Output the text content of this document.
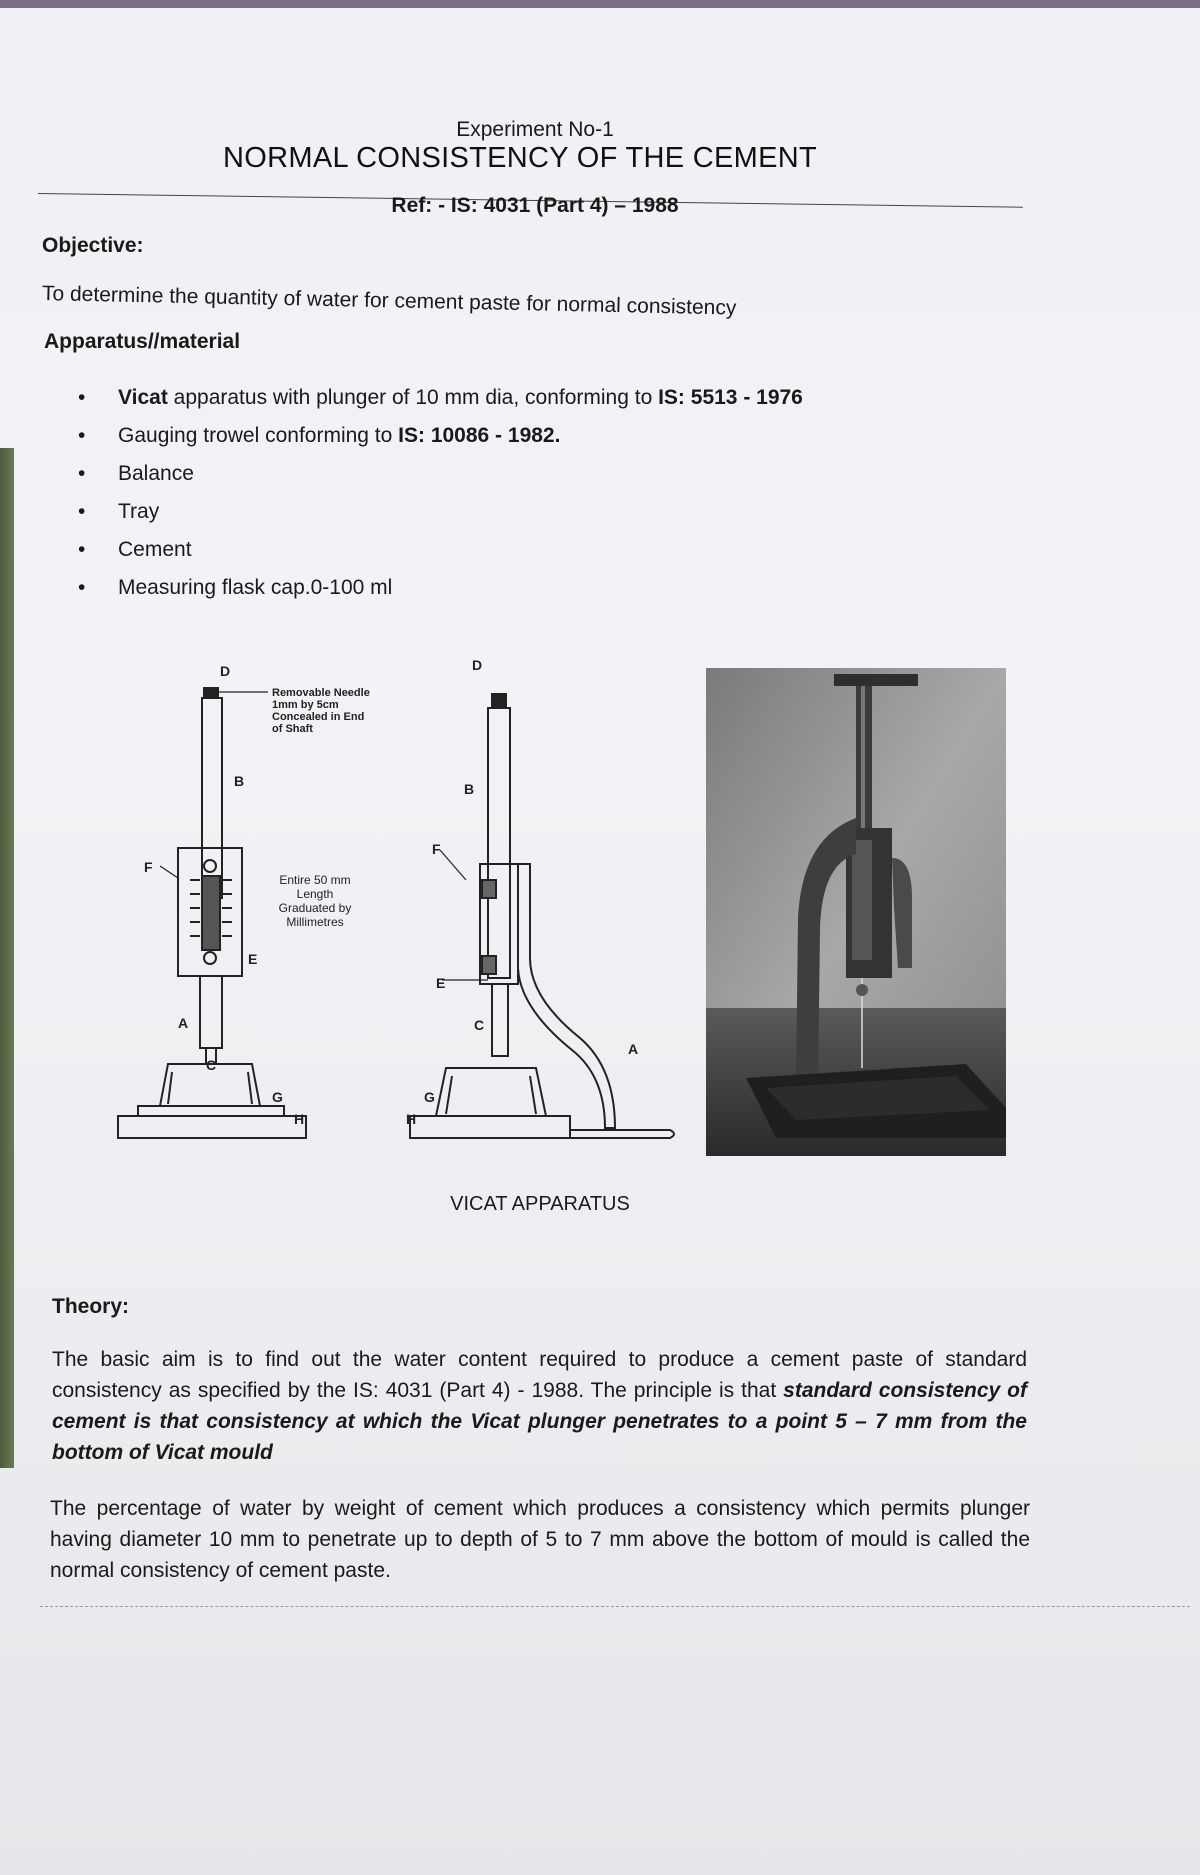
Experiment No-1
NORMAL CONSISTENCY OF THE CEMENT
Ref: - IS: 4031 (Part 4) – 1988
Objective:
To determine the quantity of water for cement paste for normal consistency
Apparatus//material
• Vicat apparatus with plunger of 10 mm dia, conforming to IS: 5513 - 1976
• Gauging trowel conforming to IS: 10086 - 1982.
• Balance
• Tray
• Cement
• Measuring flask cap.0-100 ml
D
B
F
E
A
C
G
H
D
B
F
E
A
C
G
H
Removable Needle
1mm by 5cm
Concealed in End
of Shaft
Entire 50 mm
Length
Graduated by
Millimetres
VICAT APPARATUS
Theory:
The basic aim is to find out the water content required to produce a cement paste of standard consistency as specified by the IS: 4031 (Part 4) - 1988. The principle is that standard consistency of cement is that consistency at which the Vicat plunger penetrates to a point 5 – 7 mm from the bottom of Vicat mould
The percentage of water by weight of cement which produces a consistency which permits plunger having diameter 10 mm to penetrate up to depth of 5 to 7 mm above the bottom of mould is called the normal consistency of cement paste.
